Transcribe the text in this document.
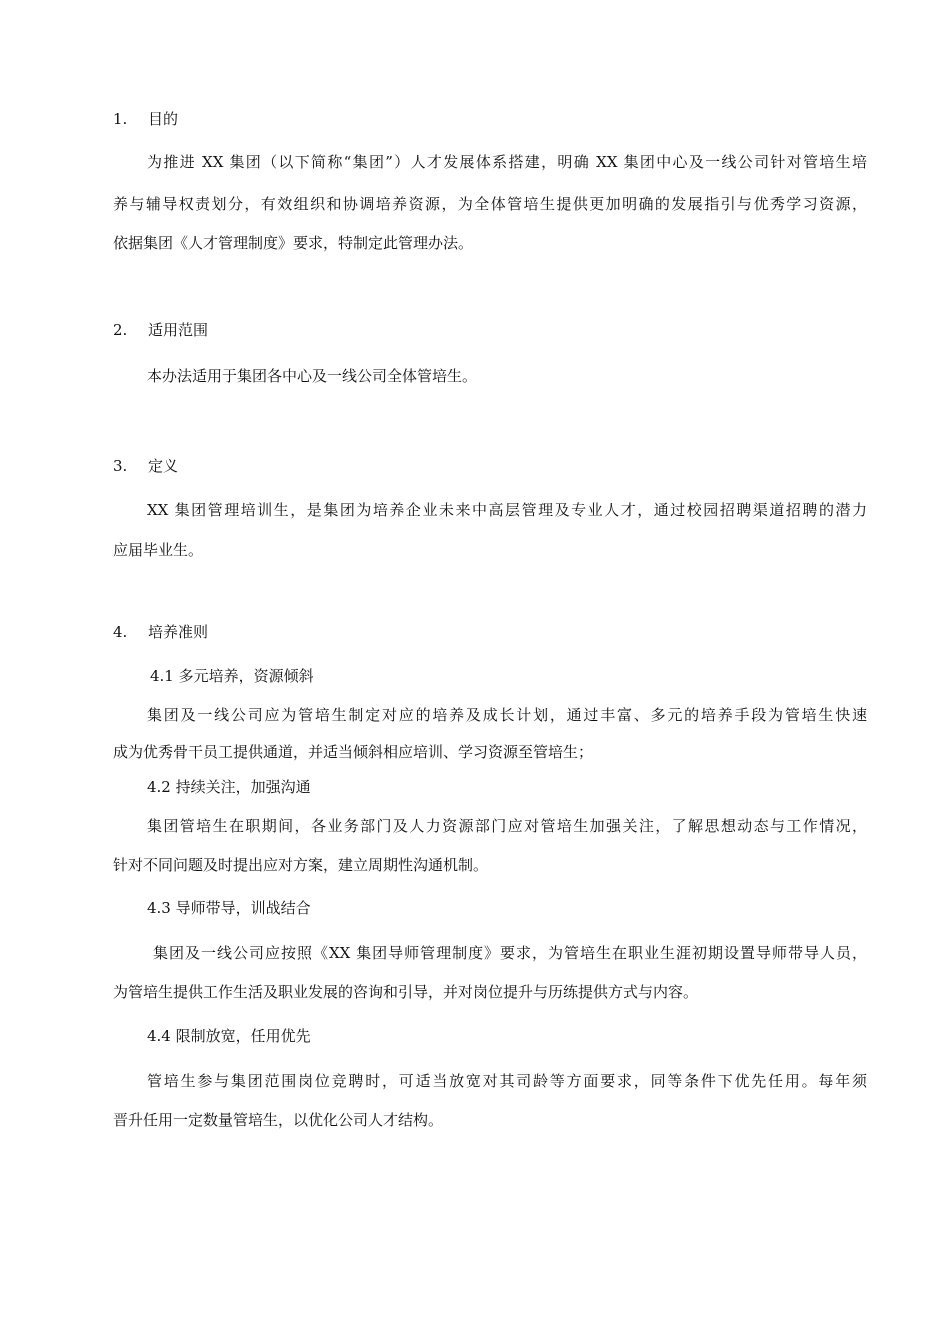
1. 目的
为推进 XX 集团（以下简称“集团”）人才发展体系搭建，明确 XX 集团中心及一线公司针对管培生培
养与辅导权责划分，有效组织和协调培养资源，为全体管培生提供更加明确的发展指引与优秀学习资源，
依据集团《人才管理制度》要求，特制定此管理办法。
2. 适用范围
本办法适用于集团各中心及一线公司全体管培生。
3. 定义
XX 集团管理培训生，是集团为培养企业未来中高层管理及专业人才，通过校园招聘渠道招聘的潜力
应届毕业生。
4. 培养准则
4.1 多元培养，资源倾斜
集团及一线公司应为管培生制定对应的培养及成长计划，通过丰富、多元的培养手段为管培生快速
成为优秀骨干员工提供通道，并适当倾斜相应培训、学习资源至管培生；
4.2 持续关注，加强沟通
集团管培生在职期间，各业务部门及人力资源部门应对管培生加强关注，了解思想动态与工作情况，
针对不同问题及时提出应对方案，建立周期性沟通机制。
4.3 导师带导，训战结合
集团及一线公司应按照《XX 集团导师管理制度》要求，为管培生在职业生涯初期设置导师带导人员，
为管培生提供工作生活及职业发展的咨询和引导，并对岗位提升与历练提供方式与内容。
4.4 限制放宽，任用优先
管培生参与集团范围岗位竞聘时，可适当放宽对其司龄等方面要求，同等条件下优先任用。每年须
晋升任用一定数量管培生，以优化公司人才结构。
